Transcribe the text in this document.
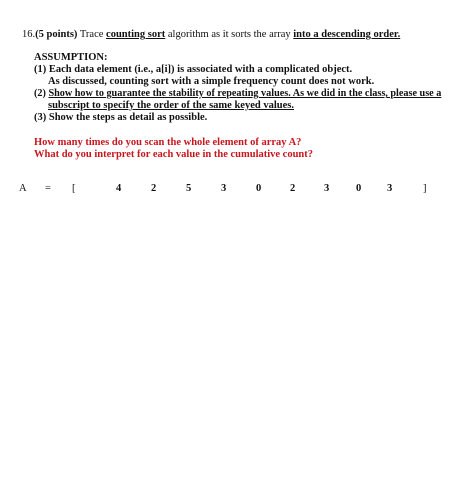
16.(5 points) Trace counting sort algorithm as it sorts the array into a descending order.
ASSUMPTION:
(1) Each data element (i.e., a[i]) is associated with a complicated object.
As discussed, counting sort with a simple frequency count does not work.
(2) Show how to guarantee the stability of repeating values. As we did in the class, please use a
subscript to specify the order of the same keyed values.
(3) Show the steps as detail as possible.
How many times do you scan the whole element of array A?
What do you interpret for each value in the cumulative count?
A = [	4	2	5	3	0	2	3	0 3	]
